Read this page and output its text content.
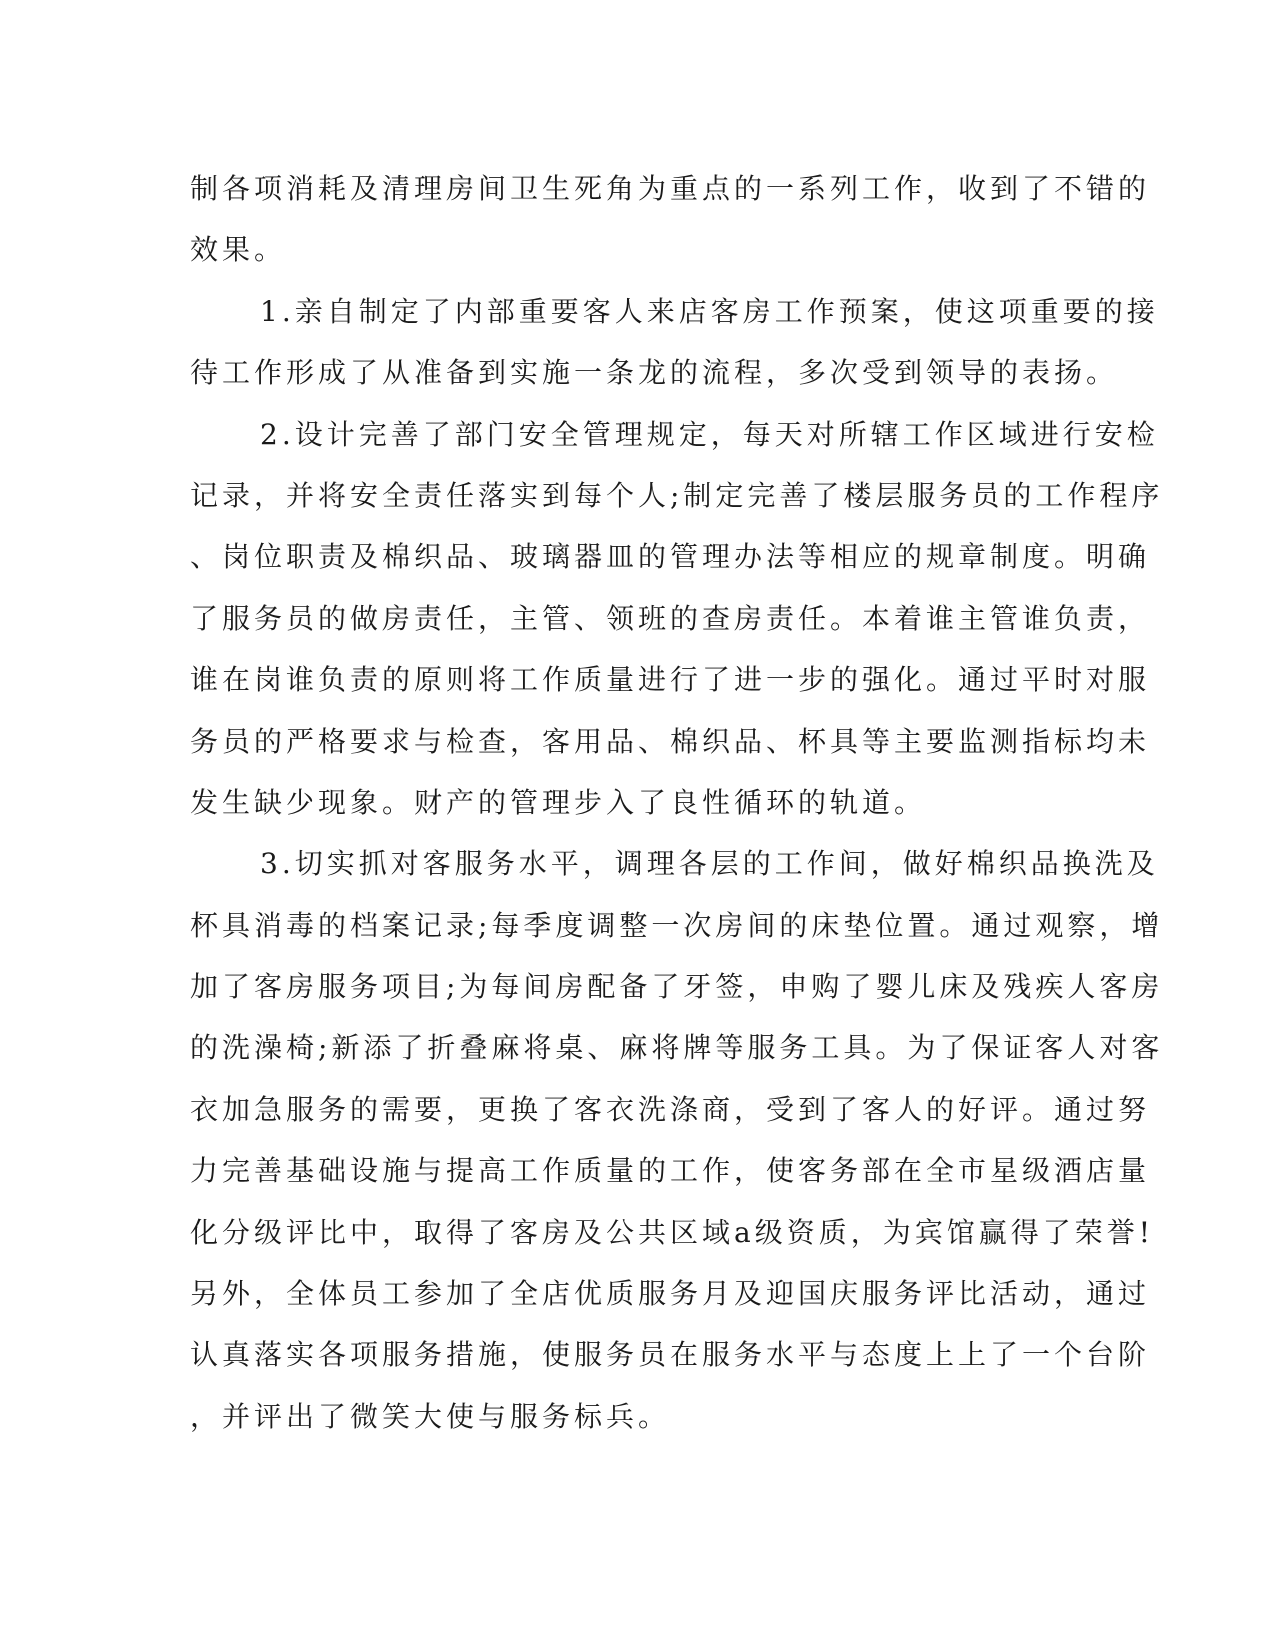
制各项消耗及清理房间卫生死角为重点的一系列工作，收到了不错的
效果。
1.亲自制定了内部重要客人来店客房工作预案，使这项重要的接
待工作形成了从准备到实施一条龙的流程，多次受到领导的表扬。
2.设计完善了部门安全管理规定，每天对所辖工作区域进行安检
记录，并将安全责任落实到每个人;制定完善了楼层服务员的工作程序
、岗位职责及棉织品、玻璃器皿的管理办法等相应的规章制度。明确
了服务员的做房责任，主管、领班的查房责任。本着谁主管谁负责，
谁在岗谁负责的原则将工作质量进行了进一步的强化。通过平时对服
务员的严格要求与检查，客用品、棉织品、杯具等主要监测指标均未
发生缺少现象。财产的管理步入了良性循环的轨道。
3.切实抓对客服务水平，调理各层的工作间，做好棉织品换洗及
杯具消毒的档案记录;每季度调整一次房间的床垫位置。通过观察，增
加了客房服务项目;为每间房配备了牙签，申购了婴儿床及残疾人客房
的洗澡椅;新添了折叠麻将桌、麻将牌等服务工具。为了保证客人对客
衣加急服务的需要，更换了客衣洗涤商，受到了客人的好评。通过努
力完善基础设施与提高工作质量的工作，使客务部在全市星级酒店量
化分级评比中，取得了客房及公共区域a级资质，为宾馆赢得了荣誉!
另外，全体员工参加了全店优质服务月及迎国庆服务评比活动，通过
认真落实各项服务措施，使服务员在服务水平与态度上上了一个台阶
，并评出了微笑大使与服务标兵。
